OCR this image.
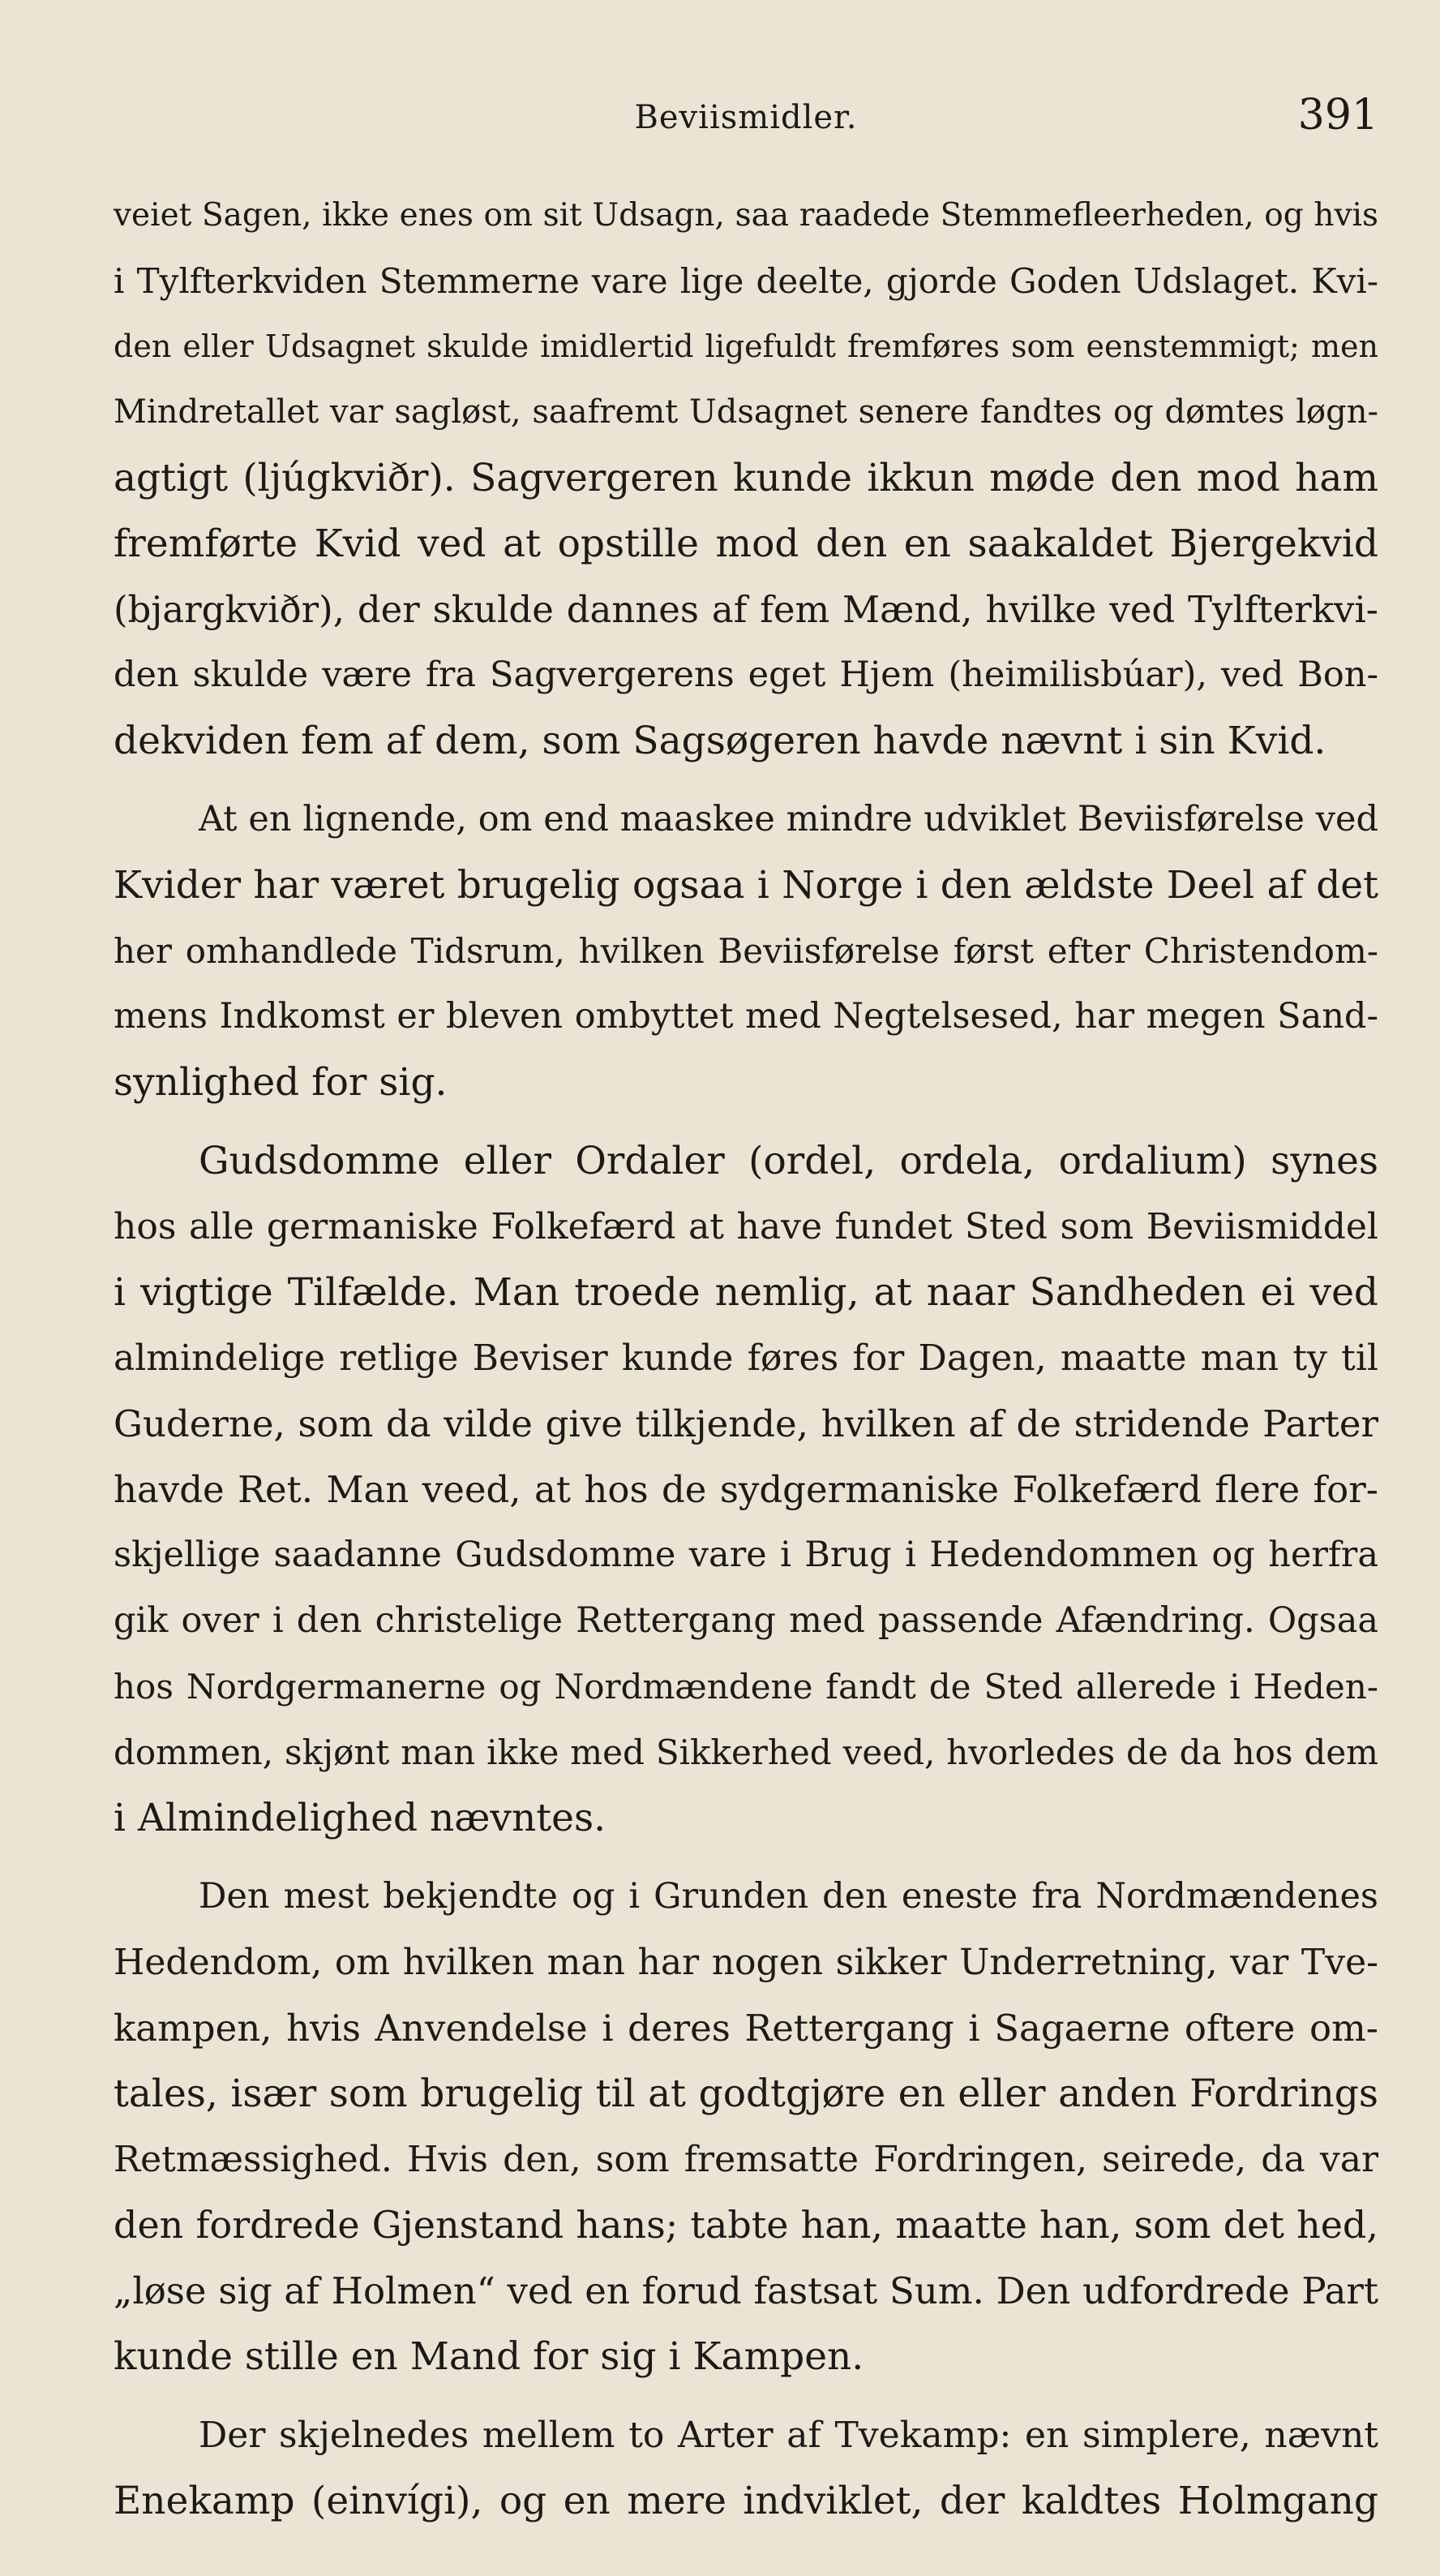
Beviismidler.	391
veiet Sagen, ikke enes om sit Udsagn, saa raadede Stemmefleerheden, og hvis
i Tylfterkviden Stemmerne vare lige deelte, gjorde Goden Udslaget. Kvi-
den eller Udsagnet skulde imidlertid ligefuldt fremføres som eenstemmigt; men
Mindretallet var sagløst, saafremt Udsagnet senere fandtes og dømtes løgn-
agtigt (ljúgkviðr). Sagvergeren kunde ikkun møde den mod ham
fremførte Kvid ved at opstille mod den en saakaldet Bjergekvid
(bjargkviðr), der skulde dannes af fem Mænd, hvilke ved Tylfterkvi-
den skulde være fra Sagvergerens eget Hjem (heimilisbúar), ved Bon-
dekviden fem af dem, som Sagsøgeren havde nævnt i sin Kvid.
At en lignende, om end maaskee mindre udviklet Beviisførelse ved
Kvider har været brugelig ogsaa i Norge i den ældste Deel af det
her omhandlede Tidsrum, hvilken Beviisførelse først efter Christendom-
mens Indkomst er bleven ombyttet med Negtelsesed, har megen Sand-
synlighed for sig.
Gudsdomme eller Ordaler (ordel, ordela, ordalium) synes
hos alle germaniske Folkefærd at have fundet Sted som Beviismiddel
i vigtige Tilfælde. Man troede nemlig, at naar Sandheden ei ved
almindelige retlige Beviser kunde føres for Dagen, maatte man ty til
Guderne, som da vilde give tilkjende, hvilken af de stridende Parter
havde Ret. Man veed, at hos de sydgermaniske Folkefærd flere for-
skjellige saadanne Gudsdomme vare i Brug i Hedendommen og herfra
gik over i den christelige Rettergang med passende Afændring. Ogsaa
hos Nordgermanerne og Nordmændene fandt de Sted allerede i Heden-
dommen, skjønt man ikke med Sikkerhed veed, hvorledes de da hos dem
i Almindelighed nævntes.
Den mest bekjendte og i Grunden den eneste fra Nordmændenes
Hedendom, om hvilken man har nogen sikker Underretning, var Tve-
kampen, hvis Anvendelse i deres Rettergang i Sagaerne oftere om-
tales, især som brugelig til at godtgjøre en eller anden Fordrings
Retmæssighed. Hvis den, som fremsatte Fordringen, seirede, da var
den fordrede Gjenstand hans; tabte han, maatte han, som det hed,
„løse sig af Holmen“ ved en forud fastsat Sum. Den udfordrede Part
kunde stille en Mand for sig i Kampen.
Der skjelnedes mellem to Arter af Tvekamp: en simplere, nævnt
Enekamp (einvígi), og en mere indviklet, der kaldtes Holmgang
